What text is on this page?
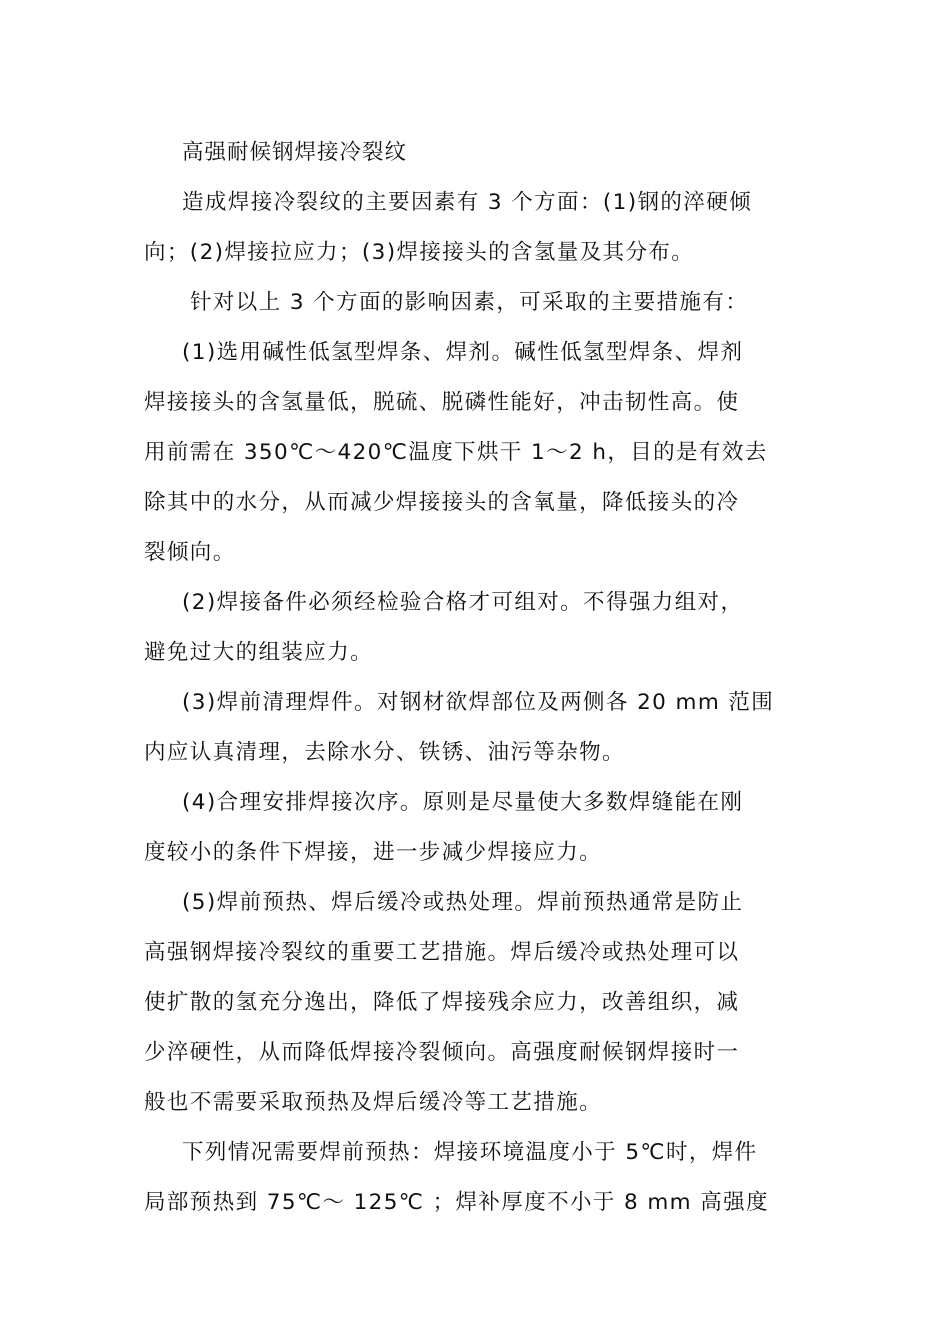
高强耐候钢焊接冷裂纹

造成焊接冷裂纹的主要因素有 3 个方面：(1)钢的淬硬倾
向；(2)焊接拉应力；(3)焊接接头的含氢量及其分布。

针对以上 3 个方面的影响因素，可采取的主要措施有：

(1)选用碱性低氢型焊条、焊剂。碱性低氢型焊条、焊剂
焊接接头的含氢量低，脱硫、脱磷性能好，冲击韧性高。使
用前需在 350℃～420℃温度下烘干 1～2 h，目的是有效去
除其中的水分，从而减少焊接接头的含氧量，降低接头的冷
裂倾向。

(2)焊接备件必须经检验合格才可组对。不得强力组对，
避免过大的组装应力。

(3)焊前清理焊件。对钢材欲焊部位及两侧各 20 mm 范围
内应认真清理，去除水分、铁锈、油污等杂物。

(4)合理安排焊接次序。原则是尽量使大多数焊缝能在刚
度较小的条件下焊接，进一步减少焊接应力。

(5)焊前预热、焊后缓冷或热处理。焊前预热通常是防止
高强钢焊接冷裂纹的重要工艺措施。焊后缓冷或热处理可以
使扩散的氢充分逸出，降低了焊接残余应力，改善组织，减
少淬硬性，从而降低焊接冷裂倾向。高强度耐候钢焊接时一
般也不需要采取预热及焊后缓冷等工艺措施。

下列情况需要焊前预热：焊接环境温度小于 5℃时，焊件
局部预热到 75℃～ 125℃ ；焊补厚度不小于 8 mm 高强度
